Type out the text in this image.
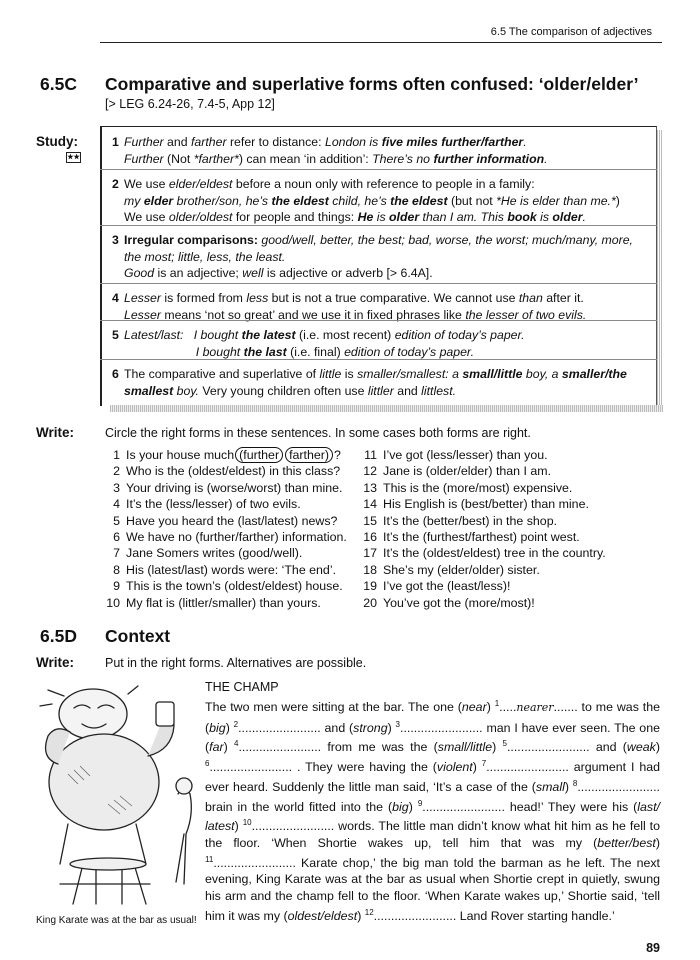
6.5 The comparison of adjectives
6.5C Comparative and superlative forms often confused: ‘older/elder’
[> LEG 6.24-26, 7.4-5, App 12]
Study:
★★
1 Further and farther refer to distance: London is five miles further/farther.
Further (Not *farther*) can mean ‘in addition’: There’s no further information.
2 We use elder/eldest before a noun only with reference to people in a family:
my elder brother/son, he’s the eldest child, he’s the eldest (but not *He is elder than me.*)
We use older/oldest for people and things: He is older than I am. This book is older.
3 Irregular comparisons: good/well, better, the best; bad, worse, the worst; much/many, more,
the most; little, less, the least.
Good is an adjective; well is adjective or adverb [> 6.4A].
4 Lesser is formed from less but is not a true comparative. We cannot use than after it.
Lesser means ‘not so great’ and we use it in fixed phrases like the lesser of two evils.
5 Latest/last: I bought the latest (i.e. most recent) edition of today’s paper.
I bought the last (i.e. final) edition of today’s paper.
6 The comparative and superlative of little is smaller/smallest: a small/little boy, a smaller/the
smallest boy. Very young children often use littler and littlest.
Write: Circle the right forms in these sentences. In some cases both forms are right.
1 Is your house much (further farther) ?
2 Who is the (oldest/eldest) in this class?
3 Your driving is (worse/worst) than mine.
4 It’s the (less/lesser) of two evils.
5 Have you heard the (last/latest) news?
6 We have no (further/farther) information.
7 Jane Somers writes (good/well).
8 His (latest/last) words were: ‘The end’.
9 This is the town’s (oldest/eldest) house.
10 My flat is (littler/smaller) than yours.
11 I’ve got (less/lesser) than you.
12 Jane is (older/elder) than I am.
13 This is the (more/most) expensive.
14 His English is (best/better) than mine.
15 It’s the (better/best) in the shop.
16 It’s the (furthest/farthest) point west.
17 It’s the (oldest/eldest) tree in the country.
18 She’s my (elder/older) sister.
19 I’ve got the (least/less)!
20 You’ve got the (more/most)!
6.5D Context
Write: Put in the right forms. Alternatives are possible.
THE CHAMP
The two men were sitting at the bar. The one (near) $^1$.....nearer....... to me was the (big) $^2$........................ and (strong) $^3$........................ man I have ever seen. The one (far) $^4$........................ from me was the (small/little) $^5$........................ and (weak) $^6$........................ . They were having the (violent) $^7$........................ argument I had ever heard. Suddenly the little man said, ‘It’s a case of the (small) $^8$........................ brain in the world fitted into the (big) $^9$........................ head!’ They were his (last/ latest) $^{10}$........................ words. The little man didn’t know what hit him as he fell to the floor. ‘When Shortie wakes up, tell him that was my (better/best) $^{11}$........................ Karate chop,’ the big man told the barman as he left. The next evening, King Karate was at the bar as usual when Shortie crept in quietly, swung his arm and the champ fell to the floor. ‘When Karate wakes up,’ Shortie said, ‘tell him it was my (oldest/eldest) $^{12}$........................ Land Rover starting handle.’
King Karate was at the bar as usual!
89
